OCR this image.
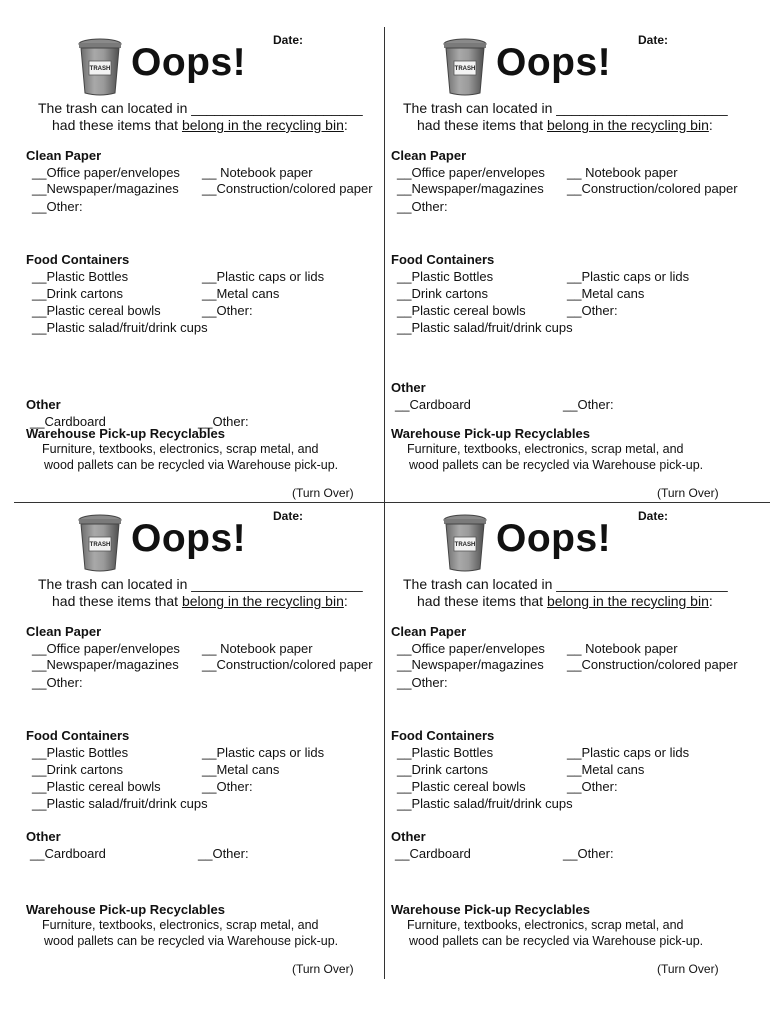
Date:
TRASH Oops!
The trash can located in ______________________
had these items that belong in the recycling bin:
Clean Paper
__Office paper/envelopes __ Notebook paper
__Newspaper/magazines __Construction/colored paper
__Other:
Food Containers
__Plastic Bottles	__Plastic caps or lids
__Drink cartons	__Metal cans
__Plastic cereal bowls	__Other:
__Plastic salad/fruit/drink cups
Other
__Cardboard	__Other:
Warehouse Pick-up Recyclables
Furniture, textbooks, electronics, scrap metal, and
wood pallets can be recycled via Warehouse pick-up.
(Turn Over)
Date:
TRASH Oops!
The trash can located in ______________________
had these items that belong in the recycling bin:
Clean Paper
__Office paper/envelopes __ Notebook paper
__Newspaper/magazines __Construction/colored paper
__Other:
Food Containers
__Plastic Bottles	__Plastic caps or lids
__Drink cartons	__Metal cans
__Plastic cereal bowls	__Other:
__Plastic salad/fruit/drink cups
Other
__Cardboard	__Other:
Warehouse Pick-up Recyclables
Furniture, textbooks, electronics, scrap metal, and
wood pallets can be recycled via Warehouse pick-up.
(Turn Over)
Date:
TRASH Oops!
The trash can located in ______________________
had these items that belong in the recycling bin:
Clean Paper
__Office paper/envelopes __ Notebook paper
__Newspaper/magazines __Construction/colored paper
__Other:
Food Containers
__Plastic Bottles	__Plastic caps or lids
__Drink cartons	__Metal cans
__Plastic cereal bowls	__Other:
__Plastic salad/fruit/drink cups
Other
__Cardboard	__Other:
Warehouse Pick-up Recyclables
Furniture, textbooks, electronics, scrap metal, and
wood pallets can be recycled via Warehouse pick-up.
(Turn Over)
Date:
TRASH Oops!
The trash can located in ______________________
had these items that belong in the recycling bin:
Clean Paper
__Office paper/envelopes __ Notebook paper
__Newspaper/magazines __Construction/colored paper
__Other:
Food Containers
__Plastic Bottles	__Plastic caps or lids
__Drink cartons	__Metal cans
__Plastic cereal bowls	__Other:
__Plastic salad/fruit/drink cups
Other
__Cardboard	__Other:
Warehouse Pick-up Recyclables
Furniture, textbooks, electronics, scrap metal, and
wood pallets can be recycled via Warehouse pick-up.
(Turn Over)
